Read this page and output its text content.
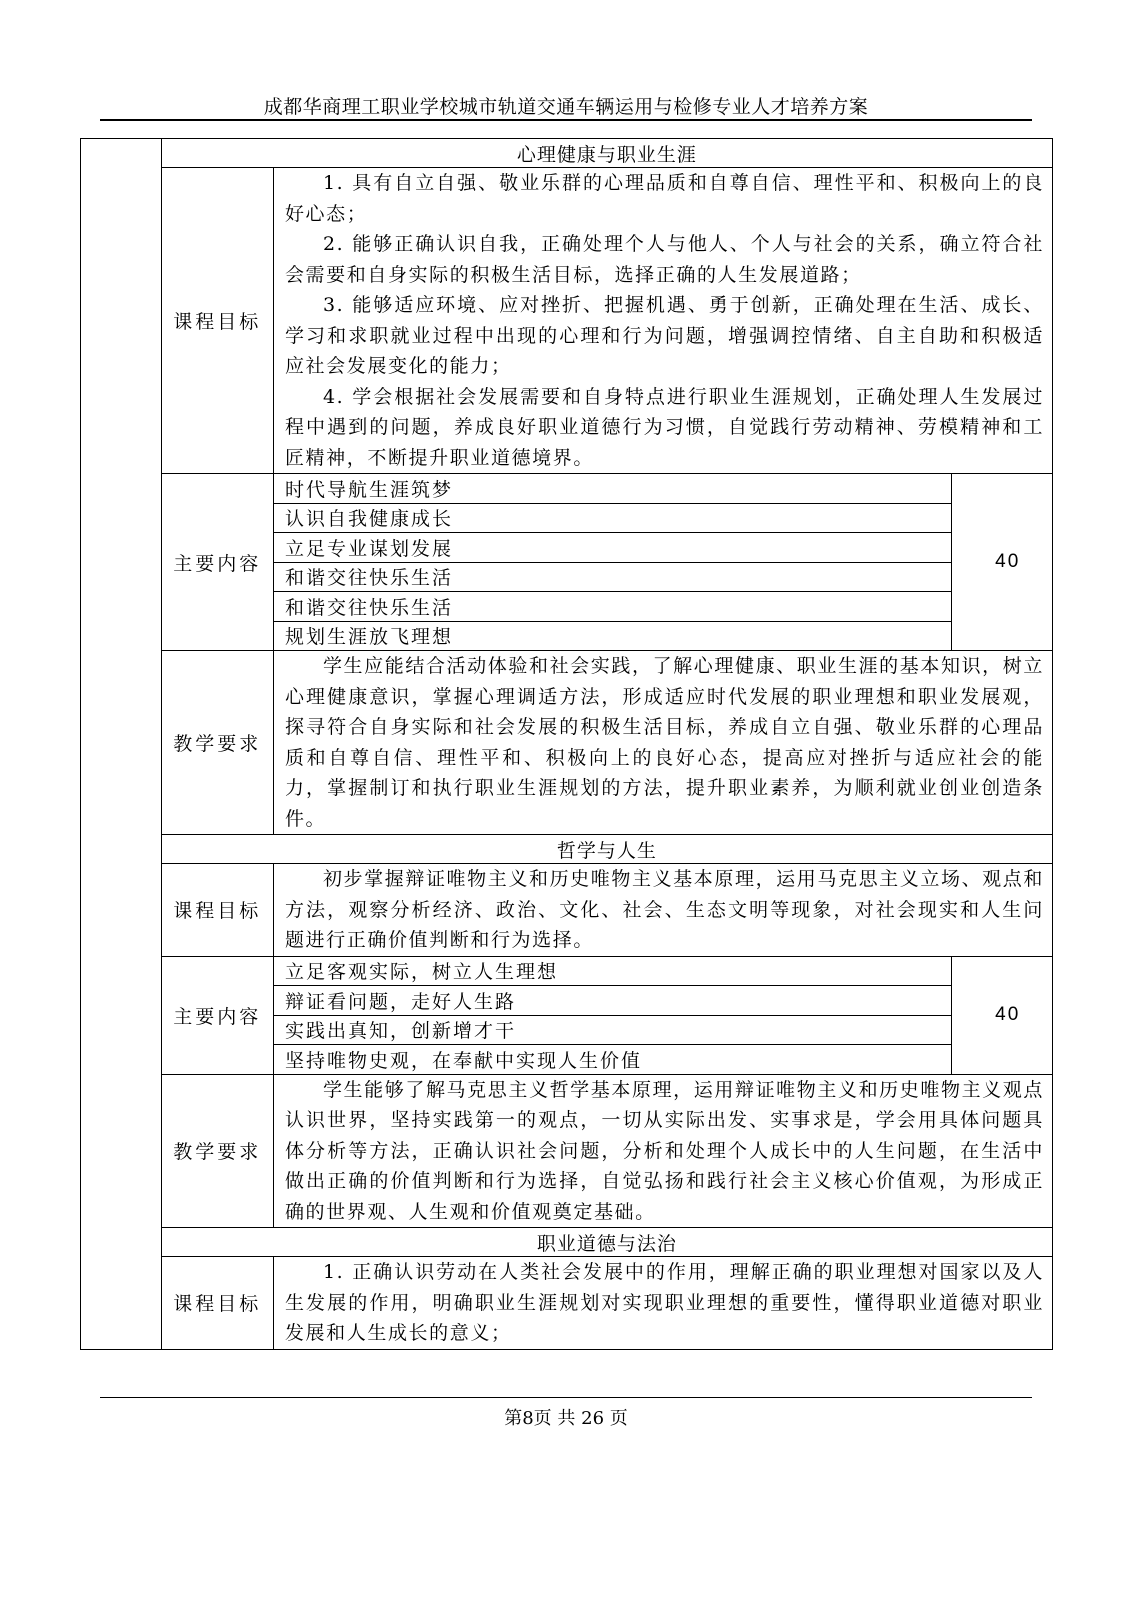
成都华商理工职业学校城市轨道交通车辆运用与检修专业人才培养方案
	心理健康与职业生涯
课程目标	

1. 具有自立自强、敬业乐群的心理品质和自尊自信、理性平和、积极向上的良好心态；

2. 能够正确认识自我，正确处理个人与他人、个人与社会的关系，确立符合社会需要和自身实际的积极生活目标，选择正确的人生发展道路；

3. 能够适应环境、应对挫折、把握机遇、勇于创新，正确处理在生活、成长、学习和求职就业过程中出现的心理和行为问题，增强调控情绪、自主自助和积极适应社会发展变化的能力；

4. 学会根据社会发展需要和自身特点进行职业生涯规划，正确处理人生发展过程中遇到的问题，养成良好职业道德行为习惯，自觉践行劳动精神、劳模精神和工匠精神，不断提升职业道德境界。

主要内容	
时代导航生涯筑梦	40
认识自我健康成长
立足专业谋划发展
和谐交往快乐生活
和谐交往快乐生活
规划生涯放飞理想

教学要求	

学生应能结合活动体验和社会实践，了解心理健康、职业生涯的基本知识，树立心理健康意识，掌握心理调适方法，形成适应时代发展的职业理想和职业发展观，探寻符合自身实际和社会发展的积极生活目标，养成自立自强、敬业乐群的心理品质和自尊自信、理性平和、积极向上的良好心态，提高应对挫折与适应社会的能力，掌握制订和执行职业生涯规划的方法，提升职业素养，为顺利就业创业创造条件。

哲学与人生
课程目标	

初步掌握辩证唯物主义和历史唯物主义基本原理，运用马克思主义立场、观点和方法，观察分析经济、政治、文化、社会、生态文明等现象，对社会现实和人生问题进行正确价值判断和行为选择。

主要内容	
立足客观实际，树立人生理想	40
辩证看问题，走好人生路
实践出真知，创新增才干
坚持唯物史观，在奉献中实现人生价值

教学要求	

学生能够了解马克思主义哲学基本原理，运用辩证唯物主义和历史唯物主义观点认识世界，坚持实践第一的观点，一切从实际出发、实事求是，学会用具体问题具体分析等方法，正确认识社会问题，分析和处理个人成长中的人生问题，在生活中做出正确的价值判断和行为选择，自觉弘扬和践行社会主义核心价值观，为形成正确的世界观、人生观和价值观奠定基础。

职业道德与法治
课程目标	

1. 正确认识劳动在人类社会发展中的作用，理解正确的职业理想对国家以及人生发展的作用，明确职业生涯规划对实现职业理想的重要性，懂得职业道德对职业发展和人生成长的意义；

第8页 共 26 页
